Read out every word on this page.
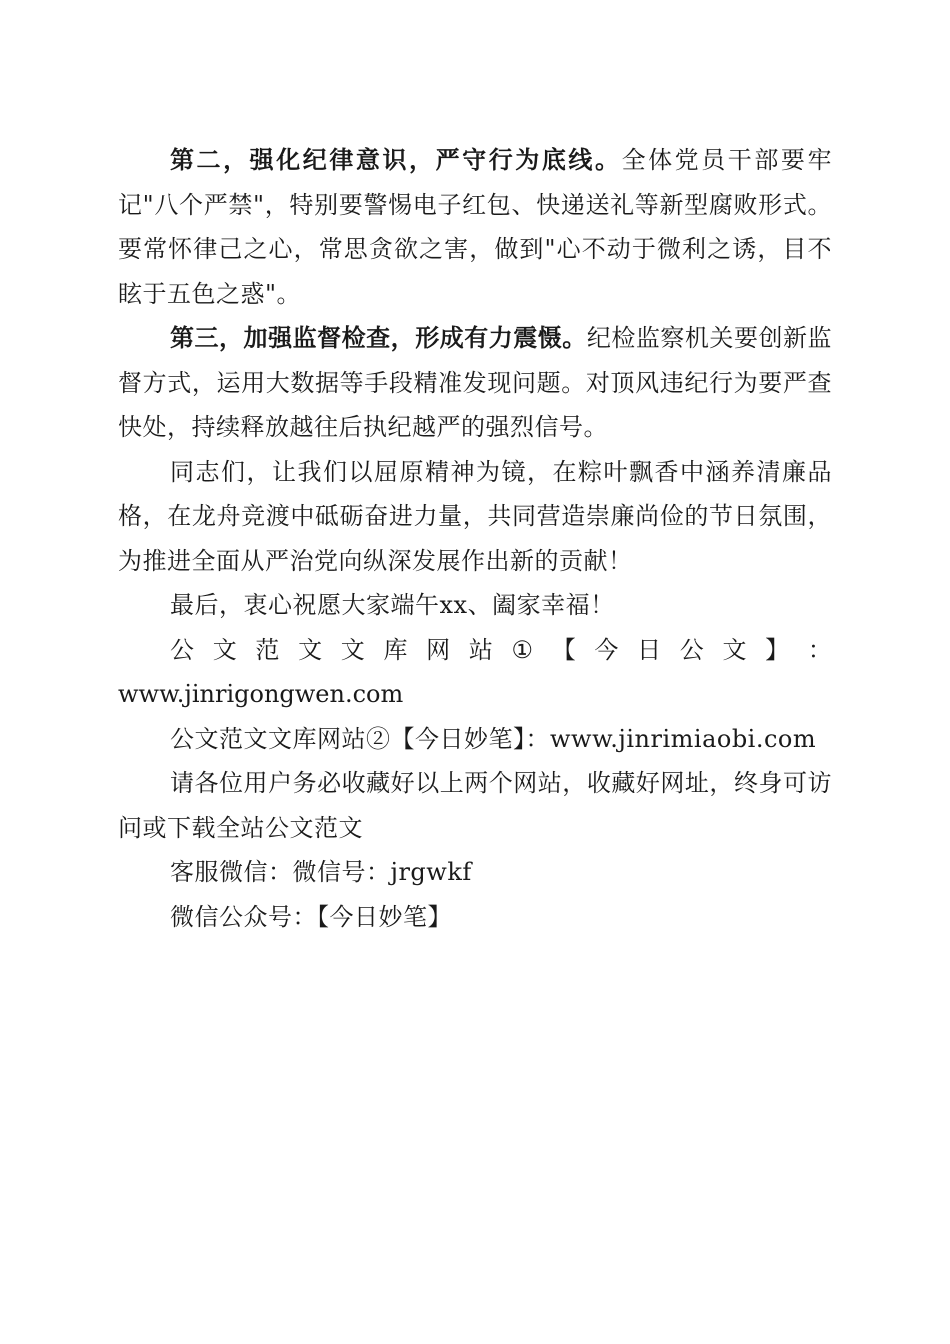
第二，强化纪律意识，严守行为底线。全体党员干部要牢记"八个严禁"，特别要警惕电子红包、快递送礼等新型腐败形式。要常怀律己之心，常思贪欲之害，做到"心不动于微利之诱，目不眩于五色之惑"。

第三，加强监督检查，形成有力震慑。纪检监察机关要创新监督方式，运用大数据等手段精准发现问题。对顶风违纪行为要严查快处，持续释放越往后执纪越严的强烈信号。

同志们，让我们以屈原精神为镜，在粽叶飘香中涵养清廉品格，在龙舟竞渡中砥砺奋进力量，共同营造崇廉尚俭的节日氛围，为推进全面从严治党向纵深发展作出新的贡献！

最后，衷心祝愿大家端午xx、阖家幸福！

公 文 范 文 文 库 网 站 ① 【 今 日 公 文 】 ：

www.jinrigongwen.com

公文范文文库网站②【今日妙笔】：www.jinrimiaobi.com

请各位用户务必收藏好以上两个网站，收藏好网址，终身可访问或下载全站公文范文

客服微信：微信号：jrgwkf

微信公众号：【今日妙笔】
